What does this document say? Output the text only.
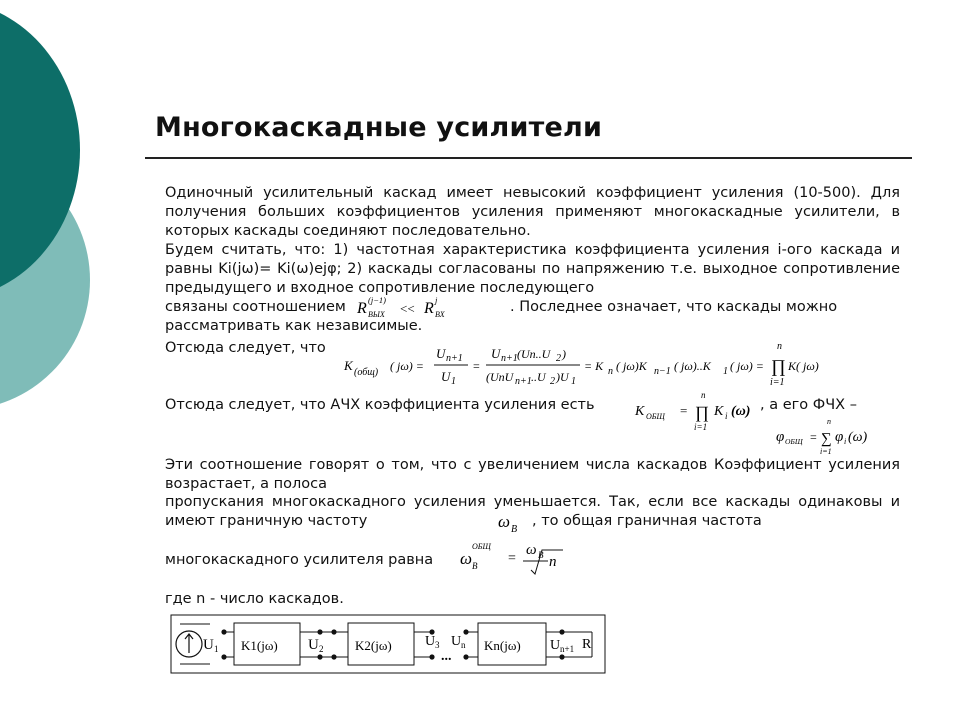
Многокаскадные усилители
Одиночный усилительный каскад имеет невысокий коэффициент усиления (10-500). Для получения больших коэффициентов усиления применяют многокаскадные усилители, в которых каскады соединяют последовательно.
Будем считать, что: 1) частотная характеристика коэффициента усиления i-ого каскада и равны Ki(jω)= Ki(ω)ejφ; 2) каскады согласованы по напряжению т.е. выходное сопротивление предыдущего и входное сопротивление последующего
связаны соотношением R (j−1)
ВЫХ << R j
ВХ	. Последнее означает, что каскады можно
рассматривать как независимые.
Отсюда следует, что
K (общ) ( jω) =
U n+1
U 1
=
U n+1 (Un..U 2 )
(UnU n+1 ..U 2 )U 1
= K n ( jω)K n−1 ( jω)..K 1 ( jω) =
n
∏
i=1
K( jω)
Отсюда следует, что АЧХ коэффициента усиления есть	K ОБЩ =
n
∏
i=1
K i (ω) , а его ФЧХ –
φ ОБЩ =
n
∑
i=1
φ i (ω)
Эти соотношение говорят о том, что с увеличением числа каскадов Коэффициент усиления возрастает, а полоса
пропускания многокаскадного усиления уменьшается. Так, если все каскады одинаковы и имеют граничную частоту	ω B
, то общая граничная частота
многокаскадного усилителя равна ω
ОБЩ
B =
ω B n
где n - число каскадов.
U 1 K1(jω) U 2 K2(jω) U 3
...
U n Kn(jω) U n+1 R
